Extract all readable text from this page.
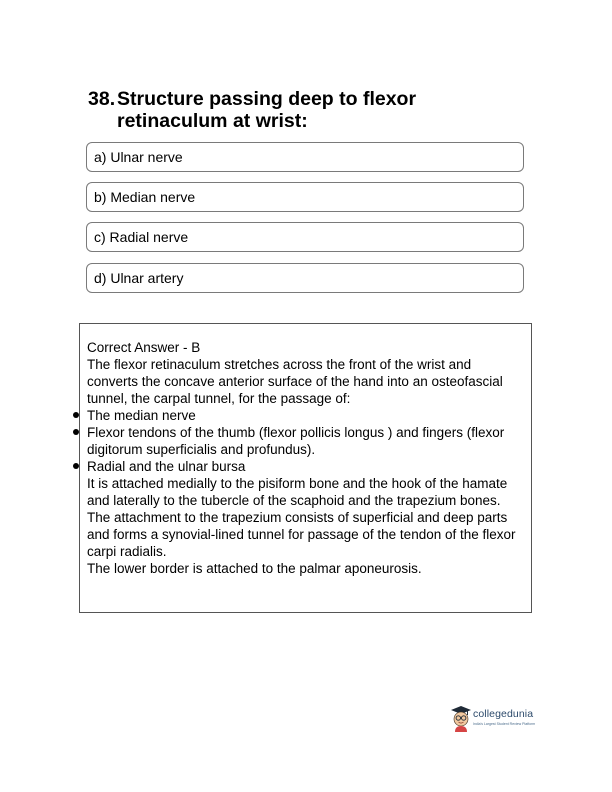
38. Structure passing deep to flexor retinaculum at wrist:
a) Ulnar nerve
b) Median nerve
c) Radial nerve
d) Ulnar artery
Correct Answer - B
The flexor retinaculum stretches across the front of the wrist and converts the concave anterior surface of the hand into an osteofascial tunnel, the carpal tunnel, for the passage of:
The median nerve
Flexor tendons of the thumb (flexor pollicis longus ) and fingers (flexor digitorum superficialis and profundus).
Radial and the ulnar bursa
It is attached medially to the pisiform bone and the hook of the hamate and laterally to the tubercle of the scaphoid and the trapezium bones.
The attachment to the trapezium consists of superficial and deep parts and forms a synovial-lined tunnel for passage of the tendon of the flexor carpi radialis.
The lower border is attached to the palmar aponeurosis.
collegedunia
India's Largest Student Review Platform
